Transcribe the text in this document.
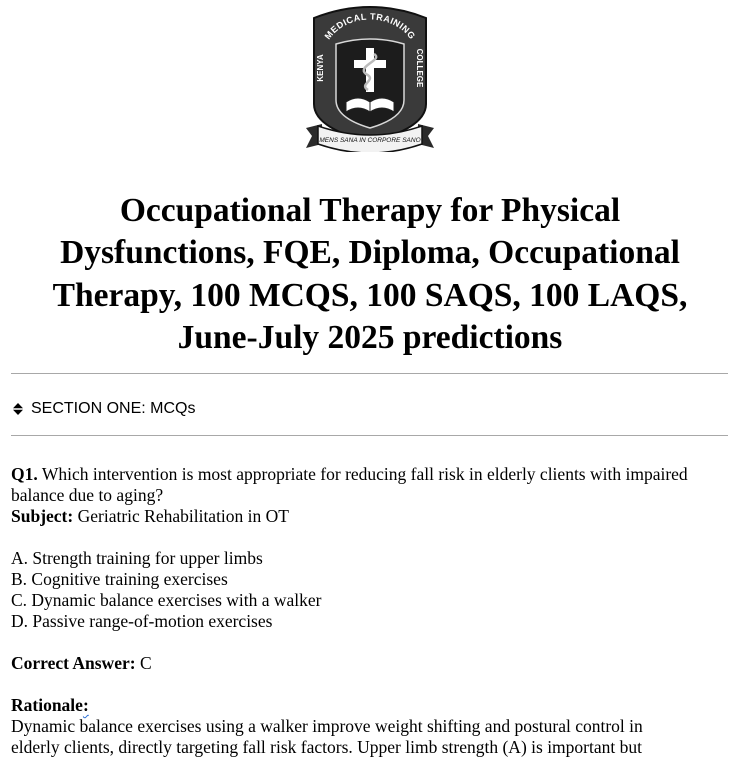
MEDICAL TRAINING
KENYA
COLLEGE
MENS SANA IN CORPORE SANO
Occupational Therapy for Physical
Dysfunctions, FQE, Diploma, Occupational
Therapy, 100 MCQS, 100 SAQS, 100 LAQS,
June-July 2025 predictions
SECTION ONE: MCQs

Q1. Which intervention is most appropriate for reducing fall risk in elderly clients with impaired
balance due to aging?

Subject: Geriatric Rehabilitation in OT

A. Strength training for upper limbs

B. Cognitive training exercises

C. Dynamic balance exercises with a walker

D. Passive range-of-motion exercises

Correct Answer: C

Rationale:

Dynamic balance exercises using a walker improve weight shifting and postural control in
elderly clients, directly targeting fall risk factors. Upper limb strength (A) is important but
